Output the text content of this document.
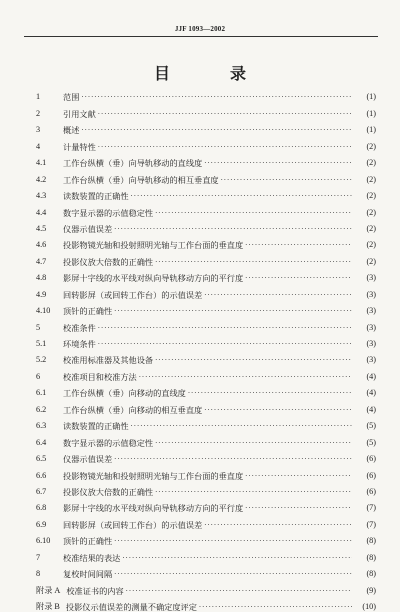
JJF 1093—2002
目　录
1	范围 ·····	(1)
2	引用文献 ·····	(1)
3	概述 ·····	(1)
4	计量特性 ·····	(2)
4.1	工作台纵横（垂）向导轨移动的直线度 ·····	(2)
4.2	工作台纵横（垂）向导轨移动的相互垂直度 ·····	(2)
4.3	读数装置的正确性 ·····	(2)
4.4	数字显示器的示值稳定性 ·····	(2)
4.5	仪器示值误差 ·····	(2)
4.6	投影物镜光轴和投射照明光轴与工作台面的垂直度 ·····	(2)
4.7	投影仪放大倍数的正确性 ·····	(2)
4.8	影屏十字线的水平线对纵向导轨移动方向的平行度 ·····	(3)
4.9	回转影屏（或回转工作台）的示值误差 ·····	(3)
4.10	顶针的正确性 ·····	(3)
5	校准条件 ·····	(3)
5.1	环境条件 ·····	(3)
5.2	校准用标准器及其他设备 ·····	(3)
6	校准项目和校准方法 ·····	(4)
6.1	工作台纵横（垂）向移动的直线度 ·····	(4)
6.2	工作台纵横（垂）向移动的相互垂直度 ·····	(4)
6.3	读数装置的正确性 ·····	(5)
6.4	数字显示器的示值稳定性 ·····	(5)
6.5	仪器示值误差 ·····	(6)
6.6	投影物镜光轴和投射照明光轴与工作台面的垂直度 ·····	(6)
6.7	投影仪放大倍数的正确性 ·····	(6)
6.8	影屏十字线的水平线对纵向导轨移动方向的平行度 ·····	(7)
6.9	回转影屏（或回转工作台）的示值误差 ·····	(7)
6.10	顶针的正确性 ·····	(8)
7	校准结果的表达 ·····	(8)
8	复校时间间隔 ·····	(8)
附录 A 校准证书的内容 ·····	(9)
附录 B 投影仪示值误差的测量不确定度评定 ·····	(10)
